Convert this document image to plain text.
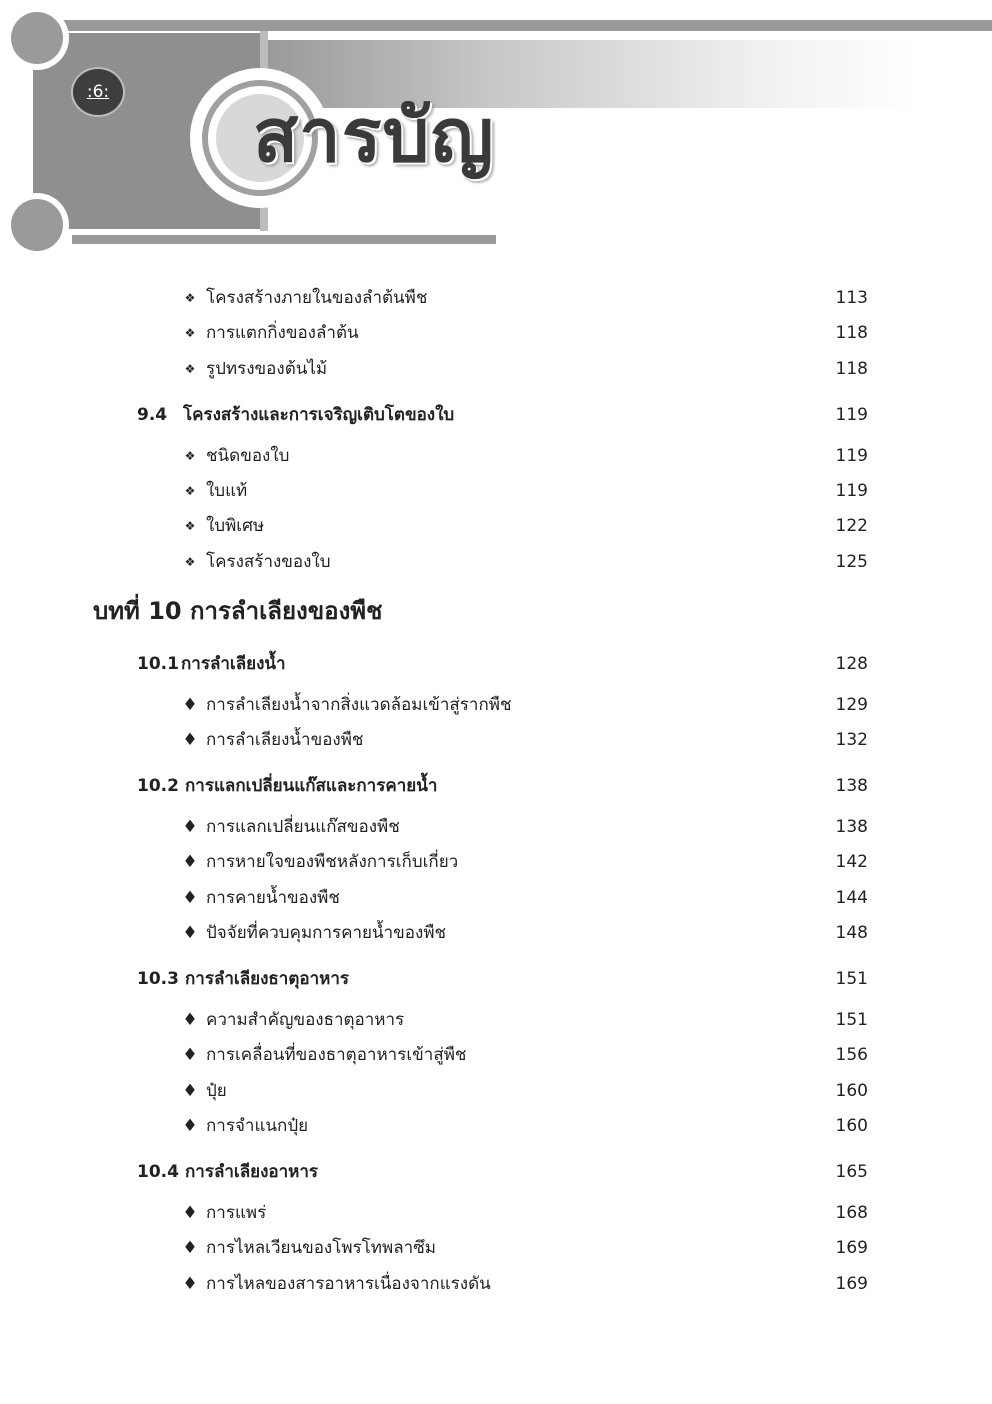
:6:
สารบัญ
❖ โครงสร้างภายในของลำต้นพืช	113
❖ การแตกกิ่งของลำต้น	118
❖ รูปทรงของต้นไม้	118
9.4 โครงสร้างและการเจริญเติบโตของใบ	119
❖ ชนิดของใบ	119
❖ ใบแท้	119
❖ ใบพิเศษ	122
❖ โครงสร้างของใบ	125
บทที่ 10 การลำเลียงของพืช
10.1 การลำเลียงน้ำ	128
♦ การลำเลียงน้ำจากสิ่งแวดล้อมเข้าสู่รากพืช	129
♦ การลำเลียงน้ำของพืช	132
10.2 การแลกเปลี่ยนแก๊สและการคายน้ำ	138
♦ การแลกเปลี่ยนแก๊สของพืช	138
♦ การหายใจของพืชหลังการเก็บเกี่ยว	142
♦ การคายน้ำของพืช	144
♦ ปัจจัยที่ควบคุมการคายน้ำของพืช	148
10.3 การลำเลียงธาตุอาหาร	151
♦ ความสำคัญของธาตุอาหาร	151
♦ การเคลื่อนที่ของธาตุอาหารเข้าสู่พืช	156
♦ ปุ๋ย	160
♦ การจำแนกปุ๋ย	160
10.4 การลำเลียงอาหาร	165
♦ การแพร่	168
♦ การไหลเวียนของโพรโทพลาซึม	169
♦ การไหลของสารอาหารเนื่องจากแรงดัน	169
